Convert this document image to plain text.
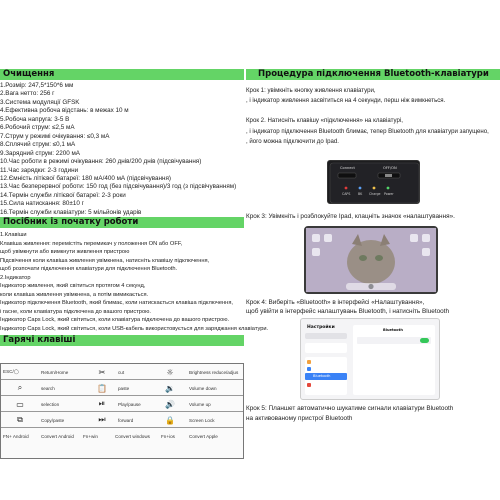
Очищення
1.Розмір: 247,5*150*6 мм
2.Вага нетто: 256 г
3.Система модуляції GFSK
4.Ефективна робоча відстань: в межах 10 м
5.Робоча напруга: 3-5 В
6.Робочий струм: ≤2,5 мА
7.Струм у режимі очікування: ≤0,3 мА
8.Сплячий струм: ≤0,1 мА
9.Зарядний струм: 2200 мА
10.Час роботи в режимі очікування: 260 днів/200 днів (підсвічування)
11.Час зарядки: 2-3 години
12.Ємність літієвої батареї: 180 мА/400 мА (підсвічування)
13.Час безперервної роботи: 150 год (без підсвічування)/3 год (з підсвічуванням)
14.Термін служби літієвої батареї: 2-3 роки
15.Сила натискання: 80±10 г
16.Термін служби клавіатури: 5 мільйонів ударів
Посібник із початку роботи

1.Клавіши

Клавіша живлення: перемістіть перемикач у положення ON або OFF,

щоб увімкнути або вимкнути живлення пристрою

Підсвічення коли клавіша живлення увімкнена, натисніть клавішу підключення,

щоб розпочати підключення клавіатури для підключення Bluetooth.

2.Індикатор

Індикатор живлення, який світиться протягом 4 секунд,

коли клавіша живлення увімкнена, а потім вимикається.

Індикатор підключення Bluetooth, який блимає, коли натискається клавіша підключення,

і гасне, коли клавіатура підключена до вашого пристрою.

Індикатор Caps Lock, який світиться, коли клавіатура підключена до вашого пристрою.

Індикатор Caps Lock, який світиться, коли USB-кабель використовується для заряджання клавіатури.

Гарячі клавіші
ESC/◯	Return/Home	✂	cut	☼	Brightness reduce/adjus
⌕	search	📋	paste	🔉	Volume down
▭	selection	⏯	Play/pause	🔊	Volume up
⧉	Copy/paste	⏭	forward	🔒	Screen Lock
FN+ Android	Convert Android	Fn+win	Convert windows	Fn+ios	Convert Apple
Процедура підключення Bluetooth-клавіатури
Крок 1: увімкніть кнопку живлення клавіатури,
, і індикатор живлення засвітиться на 4 секунди, перш ніж вимкнеться.
Крок 2. Натисніть клавішу «підключення» на клавіатурі,
, і індикатор підключення Bluetooth блимає, тепер Bluetooth для клавіатури запущено,
, його можна підключити до Ipad.
Connect	OFF/ON
CAPS BK Charge Power
Крок 3: Увімкніть і розблокуйте Ipad, клацніть значок «налаштування».
Крок 4: Виберіть «Bluetooth» в інтерфейсі «Налаштування»,
щоб увійти в інтерфейс налаштувань Bluetooth, і натисніть Bluetooth
Настройки
Bluetooth
Bluetooth
Крок 5: Планшет автоматично шукатиме сигнали клавіатури Bluetooth
на активованому пристрої Bluetooth
